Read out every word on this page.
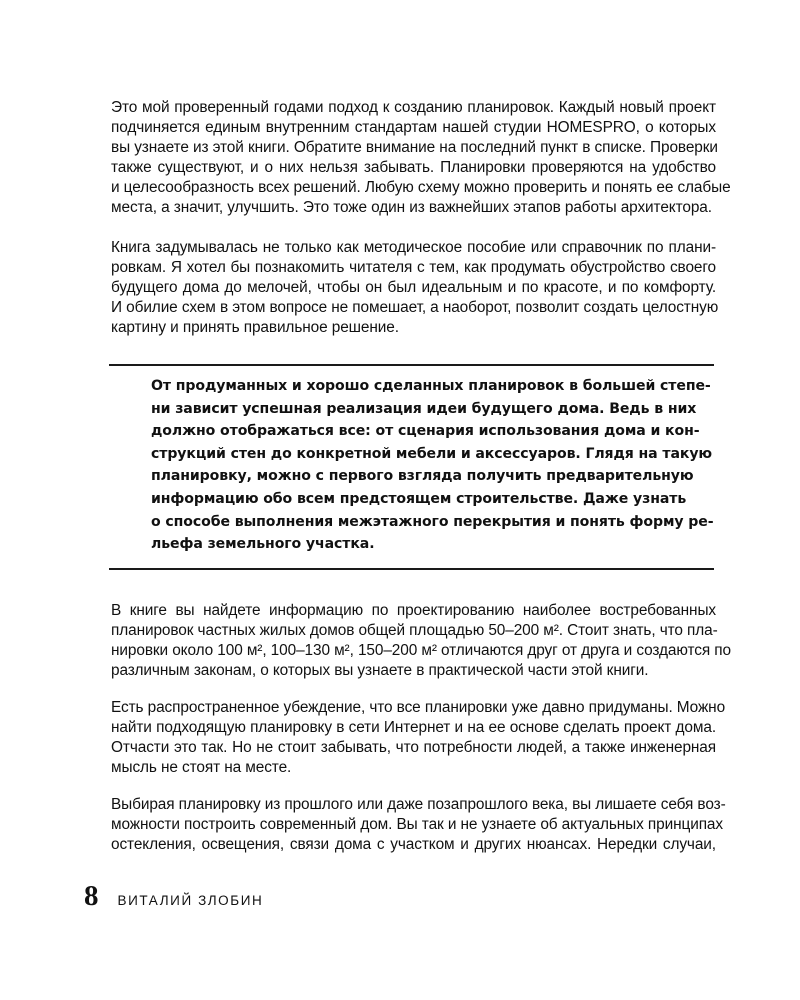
Это мой проверенный годами подход к созданию планировок. Каждый новый проект
подчиняется единым внутренним стандартам нашей студии HOMESPRO, о которых
вы узнаете из этой книги. Обратите внимание на последний пункт в списке. Проверки
также существуют, и о них нельзя забывать. Планировки проверяются на удобство
и целесообразность всех решений. Любую схему можно проверить и понять ее слабые
места, а значит, улучшить. Это тоже один из важнейших этапов работы архитектора.

Книга задумывалась не только как методическое пособие или справочник по плани-
ровкам. Я хотел бы познакомить читателя с тем, как продумать обустройство своего
будущего дома до мелочей, чтобы он был идеальным и по красоте, и по комфорту.
И обилие схем в этом вопросе не помешает, а наоборот, позволит создать целостную
картину и принять правильное решение.

От продуманных и хорошо сделанных планировок в большей степе-
ни зависит успешная реализация идеи будущего дома. Ведь в них
должно отображаться все: от сценария использования дома и кон-
струкций стен до конкретной мебели и аксессуаров. Глядя на такую
планировку, можно с первого взгляда получить предварительную
информацию обо всем предстоящем строительстве. Даже узнать
о способе выполнения межэтажного перекрытия и понять форму ре-
льефа земельного участка.

В книге вы найдете информацию по проектированию наиболее востребованных
планировок частных жилых домов общей площадью 50–200 м². Стоит знать, что пла-
нировки около 100 м², 100–130 м², 150–200 м² отличаются друг от друга и создаются по
различным законам, о которых вы узнаете в практической части этой книги.

Есть распространенное убеждение, что все планировки уже давно придуманы. Можно
найти подходящую планировку в сети Интернет и на ее основе сделать проект дома.
Отчасти это так. Но не стоит забывать, что потребности людей, а также инженерная
мысль не стоят на месте.

Выбирая планировку из прошлого или даже позапрошлого века, вы лишаете себя воз-
можности построить современный дом. Вы так и не узнаете об актуальных принципах
остекления, освещения, связи дома с участком и других нюансах. Нередки случаи,

8 ВИТАЛИЙ ЗЛОБИН
